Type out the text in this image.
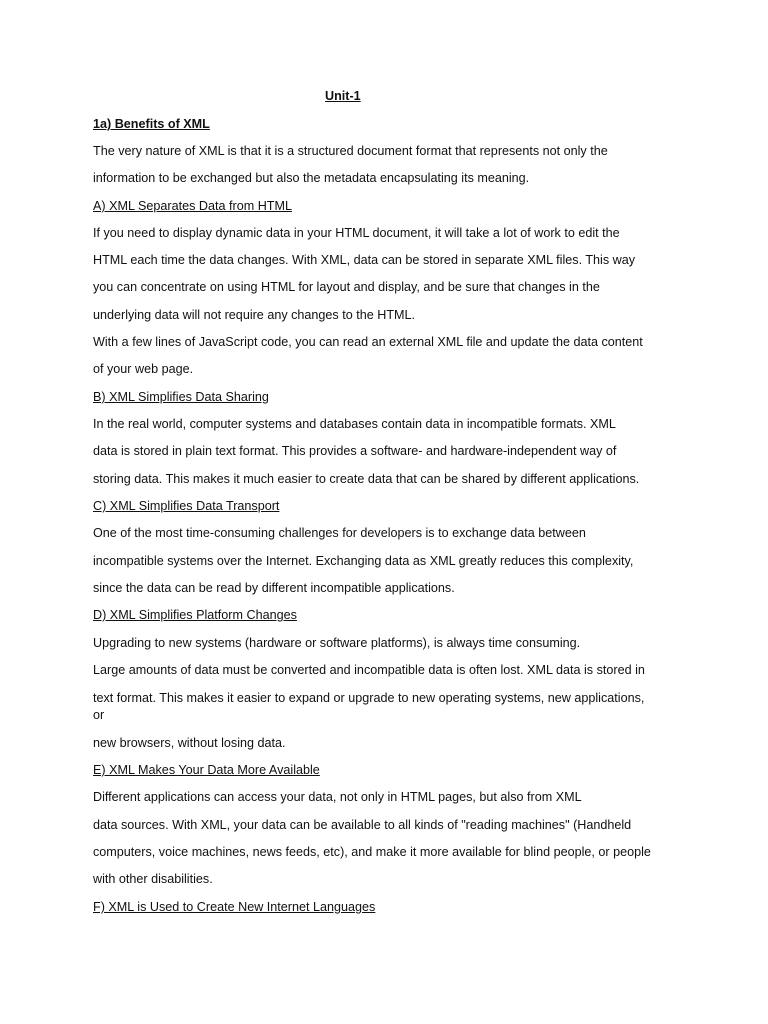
Unit-1
1a) Benefits of XML
The very nature of XML is that it is a structured document format that represents not only the
information to be exchanged but also the metadata encapsulating its meaning.
A) XML Separates Data from HTML
If you need to display dynamic data in your HTML document, it will take a lot of work to edit the
HTML each time the data changes. With XML, data can be stored in separate XML files. This way
you can concentrate on using HTML for layout and display, and be sure that changes in the
underlying data will not require any changes to the HTML.
With a few lines of JavaScript code, you can read an external XML file and update the data content
of your web page.
B) XML Simplifies Data Sharing
In the real world, computer systems and databases contain data in incompatible formats. XML
data is stored in plain text format. This provides a software- and hardware-independent way of
storing data. This makes it much easier to create data that can be shared by different applications.
C) XML Simplifies Data Transport
One of the most time-consuming challenges for developers is to exchange data between
incompatible systems over the Internet. Exchanging data as XML greatly reduces this complexity,
since the data can be read by different incompatible applications.
D) XML Simplifies Platform Changes
Upgrading to new systems (hardware or software platforms), is always time consuming.
Large amounts of data must be converted and incompatible data is often lost. XML data is stored in
text format. This makes it easier to expand or upgrade to new operating systems, new applications,
or
new browsers, without losing data.
E) XML Makes Your Data More Available
Different applications can access your data, not only in HTML pages, but also from XML
data sources. With XML, your data can be available to all kinds of "reading machines" (Handheld
computers, voice machines, news feeds, etc), and make it more available for blind people, or people
with other disabilities.
F) XML is Used to Create New Internet Languages
